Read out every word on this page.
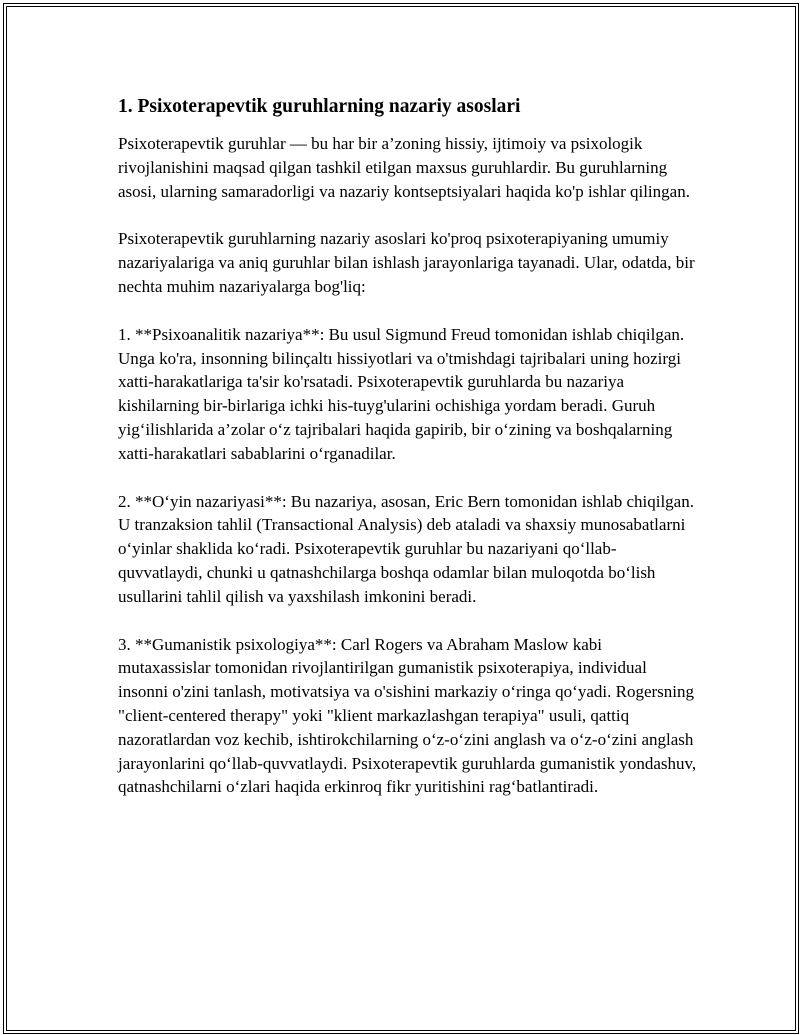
1. Psixoterapevtik guruhlarning nazariy asoslari

Psixoterapevtik guruhlar — bu har bir a’zoning hissiy, ijtimoiy va psixologik rivojlanishini maqsad qilgan tashkil etilgan maxsus guruhlardir. Bu guruhlarning asosi, ularning samaradorligi va nazariy kontseptsiyalari haqida ko'p ishlar qilingan.

Psixoterapevtik guruhlarning nazariy asoslari ko'proq psixoterapiyaning umumiy nazariyalariga va aniq guruhlar bilan ishlash jarayonlariga tayanadi. Ular, odatda, bir nechta muhim nazariyalarga bog'liq:

1. **Psixoanalitik nazariya**: Bu usul Sigmund Freud tomonidan ishlab chiqilgan. Unga ko'ra, insonning bilinçaltı hissiyotlari va o'tmishdagi tajribalari uning hozirgi xatti-harakatlariga ta'sir ko'rsatadi. Psixoterapevtik guruhlarda bu nazariya kishilarning bir-birlariga ichki his-tuyg'ularini ochishiga yordam beradi. Guruh yig‘ilishlarida a’zolar o‘z tajribalari haqida gapirib, bir o‘zining va boshqalarning xatti-harakatlari sabablarini o‘rganadilar.

2. **O‘yin nazariyasi**: Bu nazariya, asosan, Eric Bern tomonidan ishlab chiqilgan. U tranzaksion tahlil (Transactional Analysis) deb ataladi va shaxsiy munosabatlarni o‘yinlar shaklida ko‘radi. Psixoterapevtik guruhlar bu nazariyani qo‘llab-quvvatlaydi, chunki u qatnashchilarga boshqa odamlar bilan muloqotda bo‘lish usullarini tahlil qilish va yaxshilash imkonini beradi.

3. **Gumanistik psixologiya**: Carl Rogers va Abraham Maslow kabi mutaxassislar tomonidan rivojlantirilgan gumanistik psixoterapiya, individual insonni o'zini tanlash, motivatsiya va o'sishini markaziy o‘ringa qo‘yadi. Rogersning "client-centered therapy" yoki "klient markazlashgan terapiya" usuli, qattiq nazoratlardan voz kechib, ishtirokchilarning o‘z-o‘zini anglash va o‘z-o‘zini anglash jarayonlarini qo‘llab-quvvatlaydi. Psixoterapevtik guruhlarda gumanistik yondashuv, qatnashchilarni o‘zlari haqida erkinroq fikr yuritishini rag‘batlantiradi.
